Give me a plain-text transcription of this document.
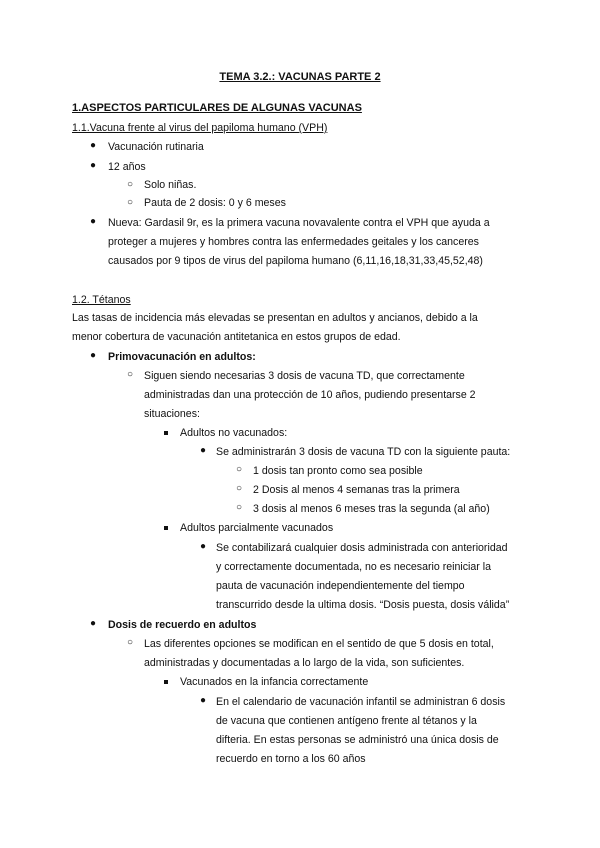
TEMA 3.2.: VACUNAS PARTE 2
1.ASPECTOS PARTICULARES DE ALGUNAS VACUNAS
1.1.Vacuna frente al virus del papiloma humano (VPH)
● Vacunación rutinaria
● 12 años
○ Solo niñas.
○ Pauta de 2 dosis: 0 y 6 meses
● Nueva: Gardasil 9r, es la primera vacuna novavalente contra el VPH que ayuda a
proteger a mujeres y hombres contra las enfermedades geitales y los canceres
causados por 9 tipos de virus del papiloma humano (6,11,16,18,31,33,45,52,48)
1.2. Tétanos
Las tasas de incidencia más elevadas se presentan en adultos y ancianos, debido a la
menor cobertura de vacunación antitetanica en estos grupos de edad.
● Primovacunación en adultos:
○ Siguen siendo necesarias 3 dosis de vacuna TD, que correctamente
administradas dan una protección de 10 años, pudiendo presentarse 2
situaciones:
Adultos no vacunados:
● Se administrarán 3 dosis de vacuna TD con la siguiente pauta:
○ 1 dosis tan pronto como sea posible
○ 2 Dosis al menos 4 semanas tras la primera
○ 3 dosis al menos 6 meses tras la segunda (al año)
Adultos parcialmente vacunados
● Se contabilizará cualquier dosis administrada con anterioridad
y correctamente documentada, no es necesario reiniciar la
pauta de vacunación independientemente del tiempo
transcurrido desde la ultima dosis. “Dosis puesta, dosis válida”
● Dosis de recuerdo en adultos
○ Las diferentes opciones se modifican en el sentido de que 5 dosis en total,
administradas y documentadas a lo largo de la vida, son suficientes.
Vacunados en la infancia correctamente
● En el calendario de vacunación infantil se administran 6 dosis
de vacuna que contienen antígeno frente al tétanos y la
difteria. En estas personas se administró una única dosis de
recuerdo en torno a los 60 años
